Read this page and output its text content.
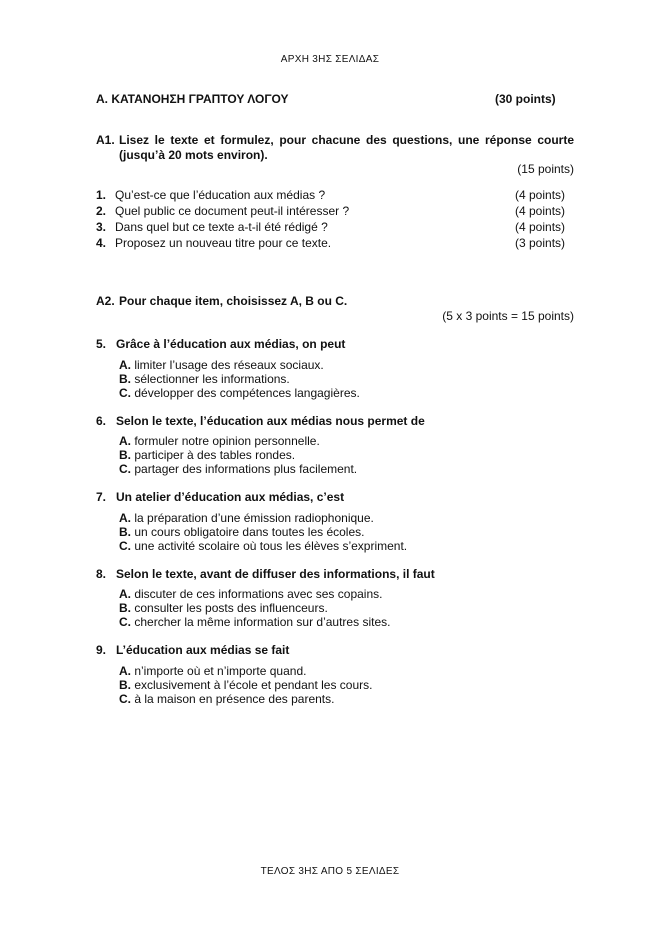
ΑΡΧΗ 3ΗΣ ΣΕΛΙΔΑΣ
Α. ΚΑΤΑΝΟΗΣΗ ΓΡΑΠΤΟΥ ΛΟΓΟΥ	(30 points)
A1. Lisez le texte et formulez, pour chacune des questions, une réponse courte
(jusqu’à 20 mots environ).
(15 points)
1. Qu’est-ce que l’éducation aux médias ?	(4 points)
2. Quel public ce document peut-il intéresser ?	(4 points)
3. Dans quel but ce texte a-t-il été rédigé ?	(4 points)
4. Proposez un nouveau titre pour ce texte.	(3 points)
A2. Pour chaque item, choisissez A, B ou C.
(5 x 3 points = 15 points)
5. Grâce à l’éducation aux médias, on peut
A. limiter l’usage des réseaux sociaux.
B. sélectionner les informations.
C. développer des compétences langagières.
6. Selon le texte, l’éducation aux médias nous permet de
A. formuler notre opinion personnelle.
B. participer à des tables rondes.
C. partager des informations plus facilement.
7. Un atelier d’éducation aux médias, c’est
A. la préparation d’une émission radiophonique.
B. un cours obligatoire dans toutes les écoles.
C. une activité scolaire où tous les élèves s’expriment.
8. Selon le texte, avant de diffuser des informations, il faut
A. discuter de ces informations avec ses copains.
B. consulter les posts des influenceurs.
C. chercher la même information sur d’autres sites.
9. L’éducation aux médias se fait
A. n’importe où et n’importe quand.
B. exclusivement à l’école et pendant les cours.
C. à la maison en présence des parents.
ΤΕΛΟΣ 3ΗΣ ΑΠΟ 5 ΣΕΛΙΔΕΣ
